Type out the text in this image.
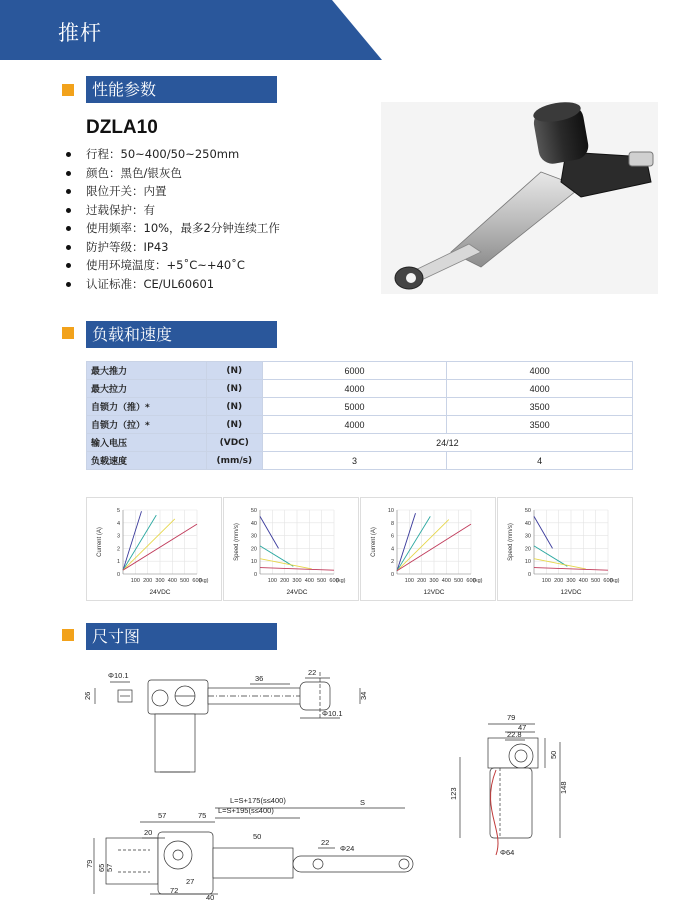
推杆
性能参数
DZLA10
行程：50~400/50~250mm
颜色：黑色/银灰色
限位开关：内置
过载保护：有
使用频率：10%，最多2分钟连续工作
防护等级：IP43
使用环境温度：+5˚C~+40˚C
认证标准：CE/UL60601
负载和速度
最大推力	(N)	6000	4000
最大拉力	(N)	4000	4000
自锁力（推）*	(N)	5000	3500
自锁力（拉）*	(N)	4000	3500
输入电压	(VDC)	24/12	
负载速度	(mm/s)	3	4
100 200 300 400 500 600
0
1
2
3
4
5
(kg)
Current (A)
24VDC
100 200 300 400 500 600
0
10
20
30
40
50
(kg)
Speed (mm/s)
24VDC
100 200 300 400 500 600
0
2
4
6
8
10
(kg)
Current (A)
12VDC
100 200 300 400 500 600
0
10
20
30
40
50
(kg)
Speed (mm/s)
12VDC
尺寸图
Φ10.1
26
36
22
34
Φ10.1	79
47
22.8
50
123	148
Φ64
L=S+175(s≤400)
L=S+195(s≤400)
S
57	75
20	50
22
Φ24
79 65 57
72
40
27
